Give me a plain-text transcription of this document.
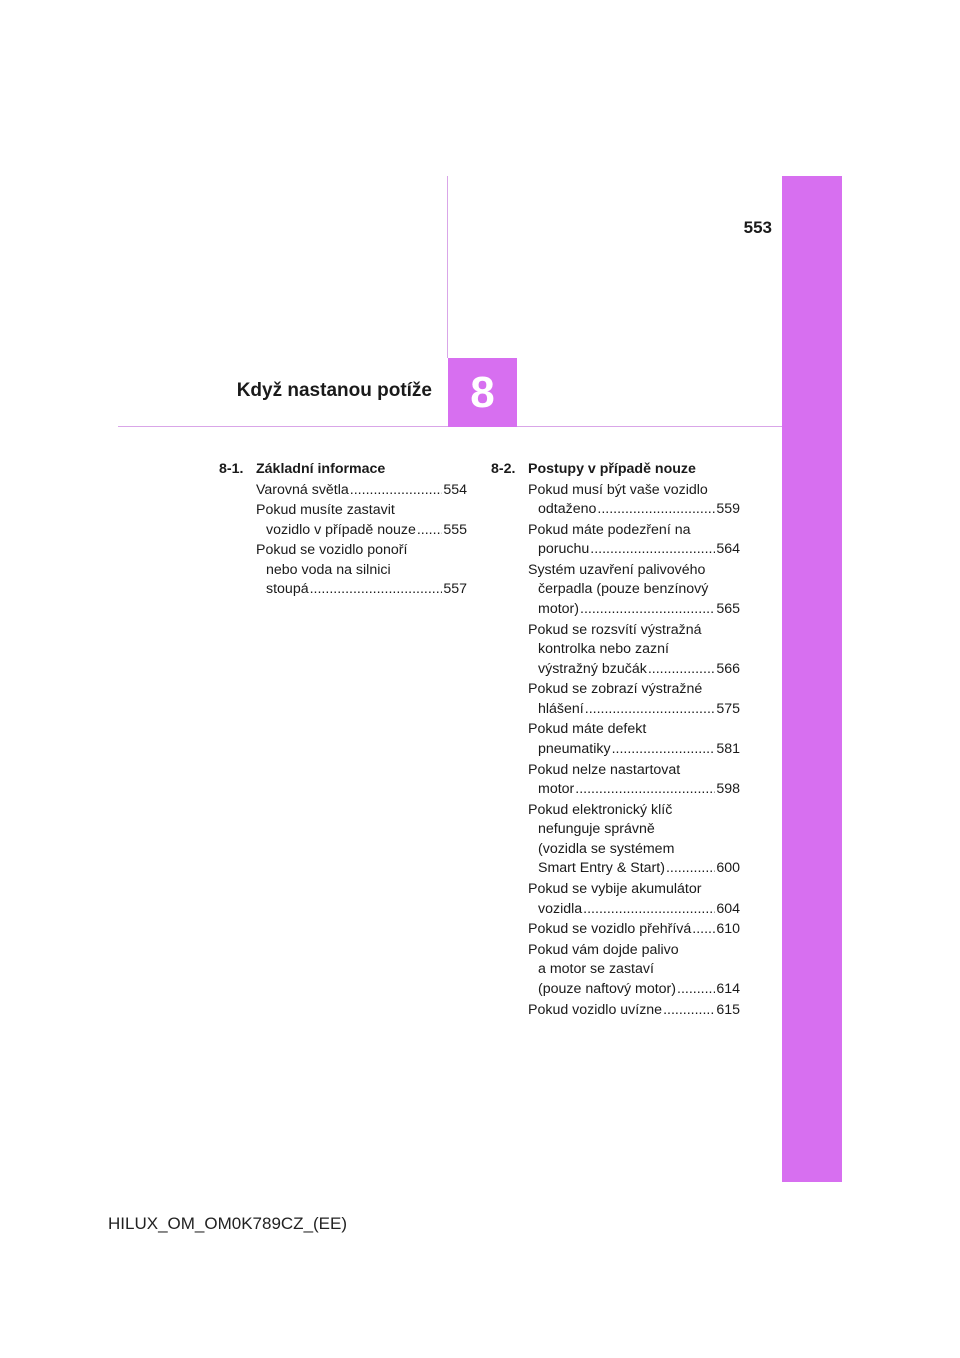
553
Když nastanou potíže 8
8-1. Základní informace
Varovná světla .....	554
Pokud musíte zastavit
vozidlo v případě nouze ..... 555
Pokud se vozidlo ponoří
nebo voda na silnici
stoupá .....	557
8-2. Postupy v případě nouze
Pokud musí být vaše vozidlo
odtaženo .....	559
Pokud máte podezření na
poruchu .....	564
Systém uzavření palivového
čerpadla (pouze benzínový
motor) .....	565
Pokud se rozsvítí výstražná
kontrolka nebo zazní
výstražný bzučák .....	566
Pokud se zobrazí výstražné
hlášení .....	575
Pokud máte defekt
pneumatiky .....	581
Pokud nelze nastartovat
motor .....	598
Pokud elektronický klíč
nefunguje správně
(vozidla se systémem
Smart Entry & Start) .....	600
Pokud se vybije akumulátor
vozidla .....	604
Pokud se vozidlo přehřívá ..... 610
Pokud vám dojde palivo
a motor se zastaví
(pouze naftový motor) .....	614
Pokud vozidlo uvízne .....	615
HILUX_OM_OM0K789CZ_(EE)
